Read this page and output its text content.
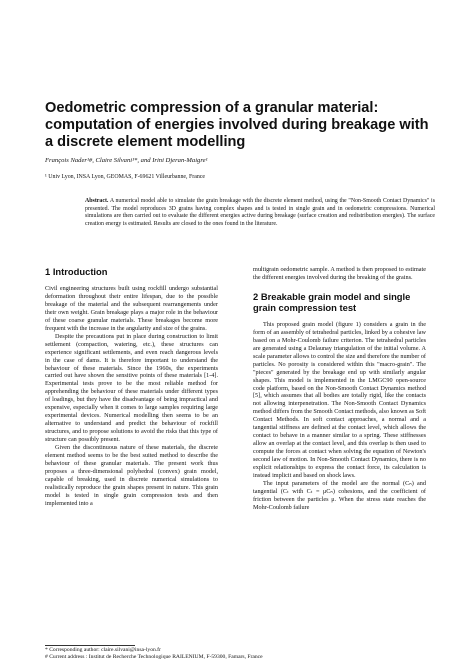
Oedometric compression of a granular material: computation of energies involved during breakage with a discrete element modelling
François Nader¹#, Claire Silvani¹*, and Irini Djeran-Maigre¹
¹ Univ Lyon, INSA Lyon, GEOMAS, F-69621 Villeurbanne, France
Abstract. A numerical model able to simulate the grain breakage with the discrete element method, using the "Non-Smooth Contact Dynamics" is presented. The model reproduces 3D grains having complex shapes and is tested in single grain and in oedometric compressions. Numerical simulations are then carried out to evaluate the different energies active during breakage (surface creation and redistribution energies). The surface creation energy is estimated. Results are closed to the ones found in the literature.
1 Introduction

Civil engineering structures built using rockfill undergo substantial deformation throughout their entire lifespan, due to the possible breakage of the material and the subsequent rearrangements under their own weight. Grain breakage plays a major role in the behaviour of these coarse granular materials. These breakages become more frequent with the increase in the angularity and size of the grains.

Despite the precautions put in place during construction to limit settlement (compaction, watering, etc.), these structures can experience significant settlements, and even reach dangerous levels in the case of dams. It is therefore important to understand the behaviour of these materials. Since the 1960s, the experiments carried out have shown the sensitive points of these materials [1-4]. Experimental tests prove to be the most reliable method for apprehending the behaviour of these materials under different types of loadings, but they have the disadvantage of being impractical and expensive, especially when it comes to large samples requiring large experimental devices. Numerical modelling then seems to be an alternative to understand and predict the behaviour of rockfill structures, and to propose solutions to avoid the risks that this type of structure can possibly present.

Given the discontinuous nature of these materials, the discrete element method seems to be the best suited method to describe the behaviour of these granular materials. The present work thus proposes a three-dimensional polyhedral (convex) grain model, capable of breaking, used in discrete numerical simulations to realistically reproduce the grain shapes present in nature. This grain model is tested in single grain compression tests and then implemented into a

multigrain oedometric sample. A method is then proposed to estimate the different energies involved during the breaking of the grains.

2 Breakable grain model and single grain compression test

This proposed grain model (figure 1) considers a grain in the form of an assembly of tetrahedral particles, linked by a cohesive law based on a Mohr-Coulomb failure criterion. The tetrahedral particles are generated using a Delaunay triangulation of the initial volume. A scale parameter allows to control the size and therefore the number of particles. No porosity is considered within this "macro-grain". The "pieces" generated by the breakage end up with similarly angular shapes. This model is implemented in the LMGC90 open-source code platform, based on the Non-Smooth Contact Dynamics method [5], which assumes that all bodies are totally rigid, like the contacts not allowing interpenetration. The Non-Smooth Contact Dynamics method differs from the Smooth Contact methods, also known as Soft Contact Methods. In soft contact approaches, a normal and a tangential stiffness are defined at the contact level, which allows the contact to behave in a manner similar to a spring. These stiffnesses allow an overlap at the contact level, and this overlap is then used to compute the forces at contact when solving the equation of Newton's second law of motion. In Non-Smooth Contact Dynamics, there is no explicit relationships to express the contact force, its calculation is instead implicit and based on shock laws.

The input parameters of the model are the normal (Cₙ) and tangential (Cₜ with Cₜ = μCₙ) cohesions, and the coefficient of friction between the particles μ. When the stress state reaches the Mohr-Coulomb failure

* Corresponding author: claire.silvani@insa-lyon.fr
# Current address : Institut de Recherche Technologique RAILENIUM, F-59300, Famars, France
